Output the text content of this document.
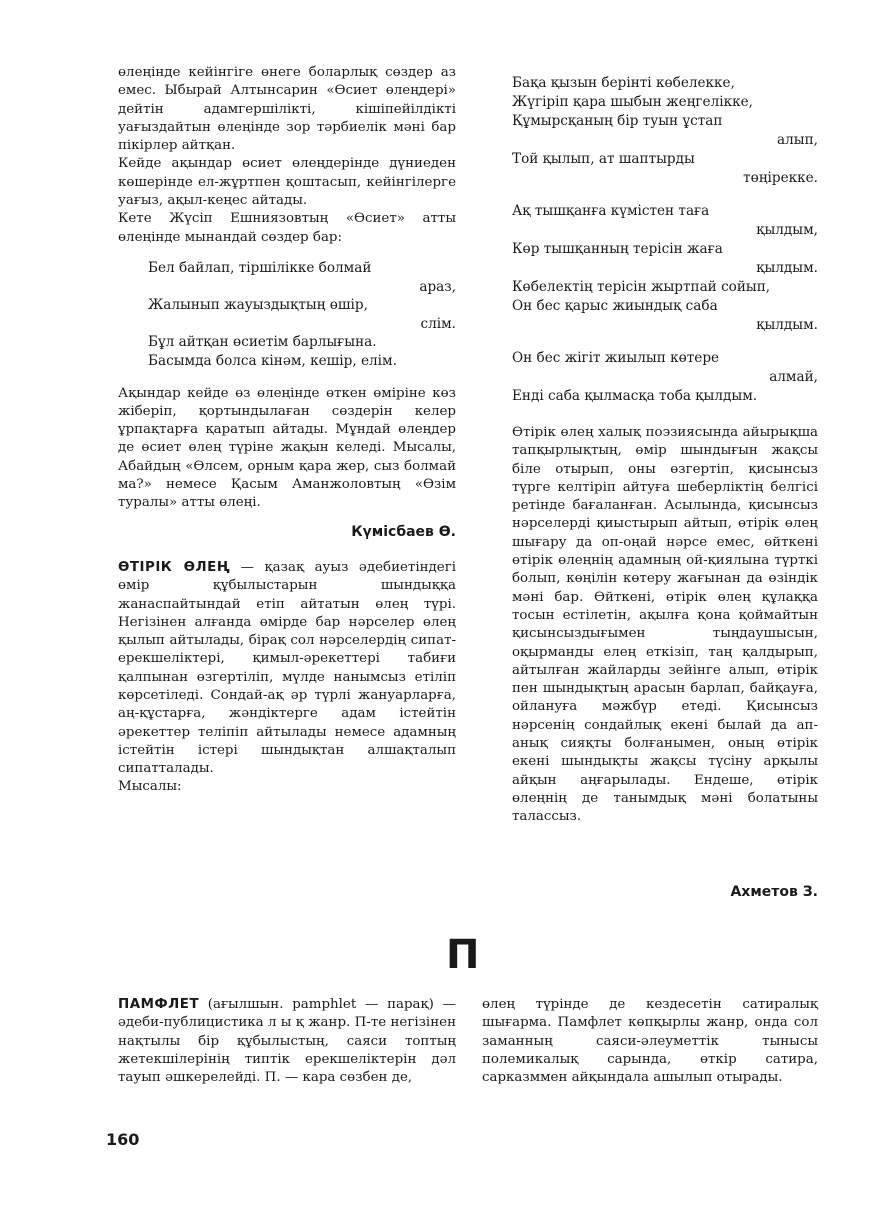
өлеңінде кейінгіге өнеге боларлық сөздер аз емес. Ыбырай Алтынсарин «Өсиет өлеңдері» дейтін адамгершілікті, кішіпейілдікті уағыздайтын өлеңінде зор тәрбиелік мәні бар пікірлер айтқан.

Кейде ақындар өсиет өлеңдерінде дүниеден көшерінде ел-жұртпен қоштасып, кейінгілерге уағыз, ақыл-кеңес айтады.

Кете Жүсіп Ешниязовтың «Өсиет» атты өлеңінде мынандай сөздер бар:

Бел байлап, тіршілікке болмай
араз,
Жалынып жауыздықтың өшір,
слім.
Бұл айтқан өсиетім барлығына.
Басымда болса кінәм, кешір, елім.

Ақындар кейде өз өлеңінде өткен өміріне көз жіберіп, қортындылаған сөздерін келер ұрпақтарға қаратып айтады. Мұндай өлеңдер де өсиет өлең түріне жақын келеді. Мысалы, Абайдың «Өлсем, орным қара жер, сыз болмай ма?» немесе Қасым Аманжоловтың «Өзім туралы» атты өлеңі.

Күмісбаев Ө.

ӨТІРІК ӨЛЕҢ — қазақ ауыз әдебиетіндегі өмір құбылыстарын шындыққа жанаспайтындай етіп айтатын өлең түрі. Негізінен алғанда өмірде бар нәрселер өлең қылып айтылады, бірақ сол нәрселердің сипат-ерекшеліктері, қимыл-әрекеттері табиғи қалпынан өзгертіліп, мүлде нанымсыз етіліп көрсетіледі. Сондай-ақ әр түрлі жануарларға, аң-құстарға, жәндіктерге адам істейтін әрекеттер теліпіп айтылады немесе адамның істейтін істері шындықтан алшақталып сипатталады.

Мысалы:

Бақа қызын берінті көбелекке,
Жүгіріп қара шыбын жеңгелікке,
Құмырсқаның бір туын ұстап
алып,
Той қылып, ат шаптырды
төңірекке.
Ақ тышқанға күмістен таға
қылдым,
Көр тышқанның терісін жаға
қылдым.
Көбелектің терісін жыртпай сойып,
Он бес қарыс жиындық саба
қылдым.
Он бес жігіт жиылып көтере
алмай,
Енді саба қылмасқа тоба қылдым.

Өтірік өлең халық поэзиясында айырықша тапқырлықтың, өмір шындығын жақсы біле отырып, оны өзгертіп, қисынсыз түрге келтіріп айтуға шеберліктің белгісі ретінде бағаланған. Асылында, қисынсыз нәрселерді қиыстырып айтып, өтірік өлең шығару да оп-оңай нәрсе емес, өйткені өтірік өлеңнің адамның ой-қиялына түрткі болып, көңілін көтеру жағынан да өзіндік мәні бар. Өйткені, өтірік өлең құлаққа тосын естілетін, ақылға қона қоймайтын қисынсыздығымен тыңдаушысын, оқырманды елең еткізіп, таң қалдырып, айтылған жайларды зейінге алып, өтірік пен шындықтың арасын барлап, байқауға, ойлануға мәжбүр етеді. Қисынсыз нәрсенің сондайлық екені былай да ап-анық сияқты болғанымен, оның өтірік екені шындықты жақсы түсіну арқылы айқын аңғарылады. Ендеше, өтірік өлеңнің де танымдық мәні болатыны талассыз.

Ахметов З.
П

ПАМФЛЕТ (ағылшын. pamphlet — парақ) — әдеби-публицистика л ы қ жанр. П-те негізінен нақтылы бір құбылыстың, саяси топтың жетекшілерінің типтік ерекшеліктерін дәл тауып әшкерелейді. П. — кара сөзбен де,

өлең түрінде де кездесетін сатиралық шығарма. Памфлет көпқырлы жанр, онда сол заманның саяси-әлеуметтік тынысы полемикалық сарында, өткір сатира, сарказммен айқындала ашылып отырады.

160
